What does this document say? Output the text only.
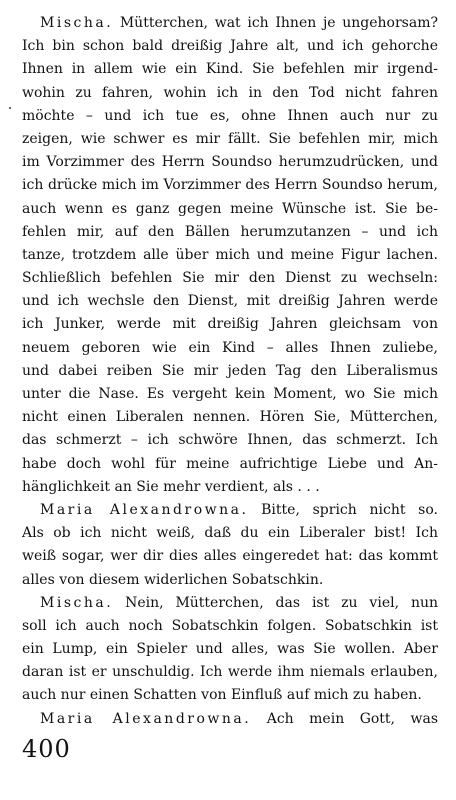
Mischa. Mütterchen, wat ich Ihnen je ungehorsam?
Ich bin schon bald dreißig Jahre alt, und ich gehorche
Ihnen in allem wie ein Kind. Sie befehlen mir irgend-
wohin zu fahren, wohin ich in den Tod nicht fahren
möchte – und ich tue es, ohne Ihnen auch nur zu
zeigen, wie schwer es mir fällt. Sie befehlen mir, mich
im Vorzimmer des Herrn Soundso herumzudrücken, und
ich drücke mich im Vorzimmer des Herrn Soundso herum,
auch wenn es ganz gegen meine Wünsche ist. Sie be-
fehlen mir, auf den Bällen herumzutanzen – und ich
tanze, trotzdem alle über mich und meine Figur lachen.
Schließlich befehlen Sie mir den Dienst zu wechseln:
und ich wechsle den Dienst, mit dreißig Jahren werde
ich Junker, werde mit dreißig Jahren gleichsam von
neuem geboren wie ein Kind – alles Ihnen zuliebe,
und dabei reiben Sie mir jeden Tag den Liberalismus
unter die Nase. Es vergeht kein Moment, wo Sie mich
nicht einen Liberalen nennen. Hören Sie, Mütterchen,
das schmerzt – ich schwöre Ihnen, das schmerzt. Ich
habe doch wohl für meine aufrichtige Liebe und An-
hänglichkeit an Sie mehr verdient, als . . .
Maria Alexandrowna. Bitte, sprich nicht so.
Als ob ich nicht weiß, daß du ein Liberaler bist! Ich
weiß sogar, wer dir dies alles eingeredet hat: das kommt
alles von diesem widerlichen Sobatschkin.
Mischa. Nein, Mütterchen, das ist zu viel, nun
soll ich auch noch Sobatschkin folgen. Sobatschkin ist
ein Lump, ein Spieler und alles, was Sie wollen. Aber
daran ist er unschuldig. Ich werde ihm niemals erlauben,
auch nur einen Schatten von Einfluß auf mich zu haben.
Maria Alexandrowna. Ach mein Gott, was
400
